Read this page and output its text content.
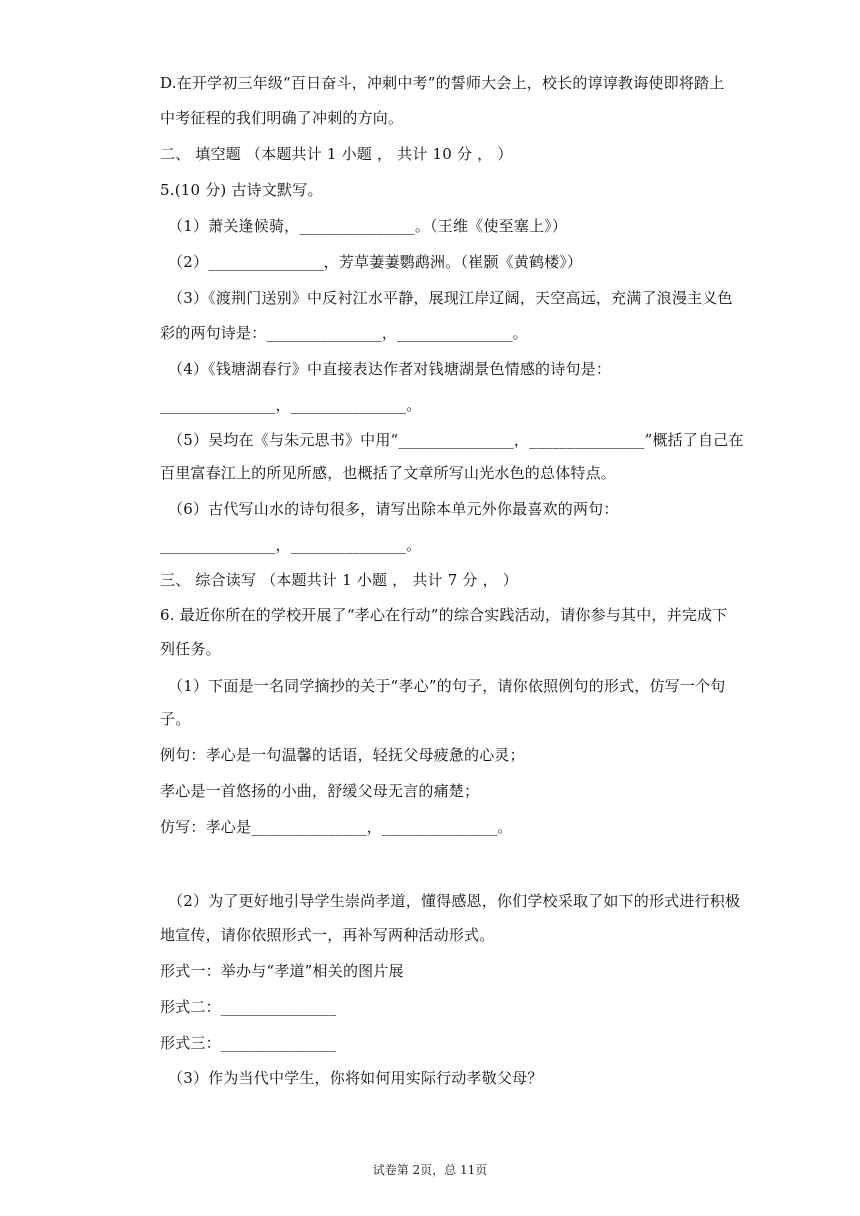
D.在开学初三年级“百日奋斗，冲刺中考”的誓师大会上，校长的谆谆教诲使即将踏上
中考征程的我们明确了冲刺的方向。
二、 填空题 （本题共计 1 小题 ， 共计 10 分 ， ）
5.(10 分) 古诗文默写。
（1）萧关逢候骑，_______________。（王维《使至塞上》）
（2）_______________，芳草萋萋鹦鹉洲。（崔颢《黄鹤楼》）
（3）《渡荆门送别》中反衬江水平静，展现江岸辽阔，天空高远，充满了浪漫主义色
彩的两句诗是：_______________，_______________。
（4）《钱塘湖春行》中直接表达作者对钱塘湖景色情感的诗句是：
_______________，_______________。
（5）吴均在《与朱元思书》中用“_______________，_______________”概括了自己在
百里富春江上的所见所感，也概括了文章所写山光水色的总体特点。
（6）古代写山水的诗句很多，请写出除本单元外你最喜欢的两句：
_______________，_______________。
三、 综合读写 （本题共计 1 小题 ， 共计 7 分 ， ）
6. 最近你所在的学校开展了“孝心在行动”的综合实践活动，请你参与其中，并完成下
列任务。
（1）下面是一名同学摘抄的关于“孝心”的句子，请你依照例句的形式，仿写一个句
子。
例句：孝心是一句温馨的话语，轻抚父母疲惫的心灵；
孝心是一首悠扬的小曲，舒缓父母无言的痛楚；
仿写：孝心是_______________，_______________。
（2）为了更好地引导学生崇尚孝道，懂得感恩，你们学校采取了如下的形式进行积极
地宣传，请你依照形式一，再补写两种活动形式。
形式一：举办与“孝道”相关的图片展
形式二：_______________
形式三：_______________
（3）作为当代中学生，你将如何用实际行动孝敬父母？
试卷第 2页，总 11页
